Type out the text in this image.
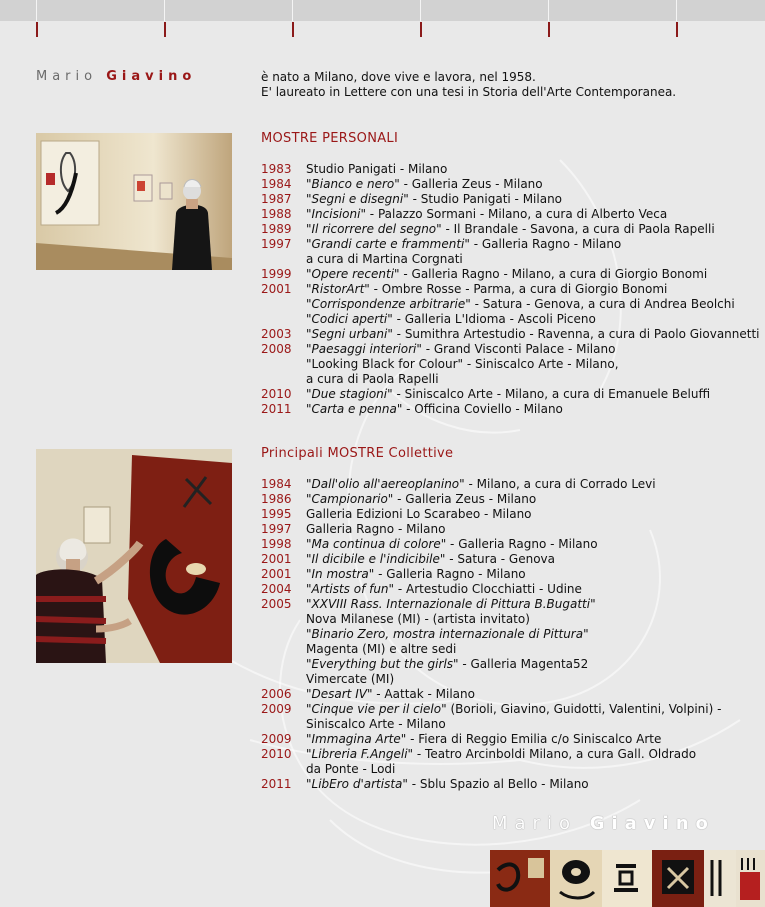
Mario Giavino	è nato a Milano, dove vive e lavora, nel 1958.
E' laureato in Lettere con una tesi in Storia dell'Arte Contemporanea.
MOSTRE PERSONALI
1983 Studio Panigati - Milano
1984 "Bianco e nero" - Galleria Zeus - Milano
1987 "Segni e disegni" - Studio Panigati - Milano
1988 "Incisioni" - Palazzo Sormani - Milano, a cura di Alberto Veca
1989 "Il ricorrere del segno" - Il Brandale - Savona, a cura di Paola Rapelli
1997 "Grandi carte e frammenti" - Galleria Ragno - Milano
a cura di Martina Corgnati
1999 "Opere recenti" - Galleria Ragno - Milano, a cura di Giorgio Bonomi
2001 "RistorArt" - Ombre Rosse - Parma, a cura di Giorgio Bonomi
"Corrispondenze arbitrarie" - Satura - Genova, a cura di Andrea Beolchi
"Codici aperti" - Galleria L'Idioma - Ascoli Piceno
2003 "Segni urbani" - Sumithra Artestudio - Ravenna, a cura di Paolo Giovannetti
2008 "Paesaggi interiori" - Grand Visconti Palace - Milano
"Looking Black for Colour" - Siniscalco Arte - Milano,
a cura di Paola Rapelli
2010 "Due stagioni" - Siniscalco Arte - Milano, a cura di Emanuele Beluffi
2011 "Carta e penna" - Officina Coviello - Milano
Principali MOSTRE Collettive
1984 "Dall'olio all'aereoplanino" - Milano, a cura di Corrado Levi
1986 "Campionario" - Galleria Zeus - Milano
1995 Galleria Edizioni Lo Scarabeo - Milano
1997 Galleria Ragno - Milano
1998 "Ma continua di colore" - Galleria Ragno - Milano
2001 "Il dicibile e l'indicibile" - Satura - Genova
2001 "In mostra" - Galleria Ragno - Milano
2004 "Artists of fun" - Artestudio Clocchiatti - Udine
2005 "XXVIII Rass. Internazionale di Pittura B.Bugatti"
Nova Milanese (MI) - (artista invitato)
"Binario Zero, mostra internazionale di Pittura"
Magenta (MI) e altre sedi
"Everything but the girls" - Galleria Magenta52
Vimercate (MI)
2006 "Desart IV" - Aattak - Milano
2009 "Cinque vie per il cielo" (Borioli, Giavino, Guidotti, Valentini, Volpini) -
Siniscalco Arte - Milano
2009 "Immagina Arte" - Fiera di Reggio Emilia c/o Siniscalco Arte
2010 "Libreria F.Angeli" - Teatro Arcinboldi Milano, a cura Gall. Oldrado
da Ponte - Lodi
2011 "LibEro d'artista" - Sblu Spazio al Bello - Milano
Mario Giavino
